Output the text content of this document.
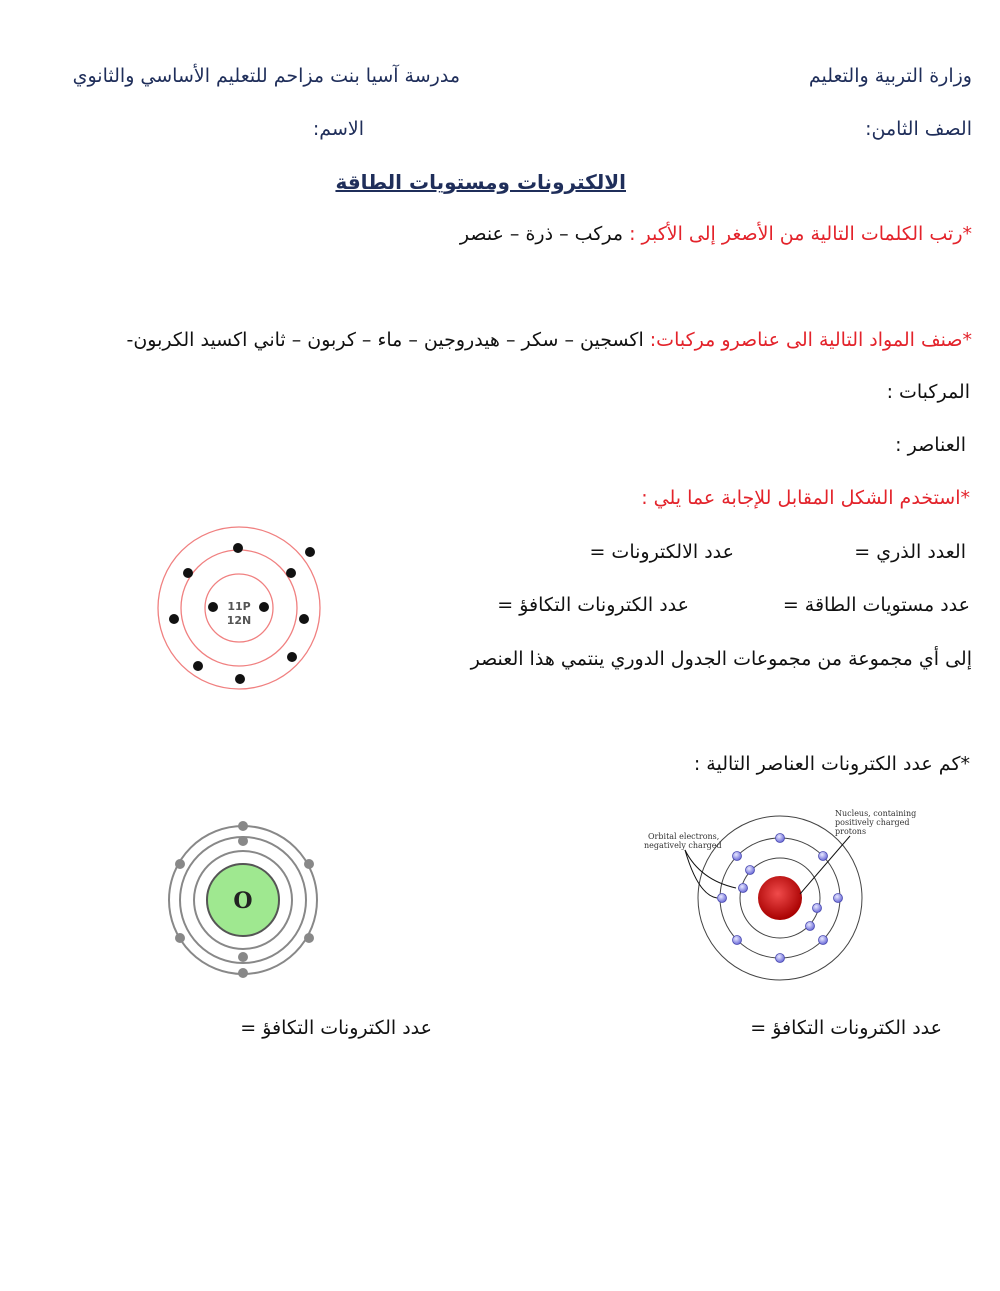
وزارة التربية والتعليم
مدرسة آسيا بنت مزاحم للتعليم الأساسي والثانوي
الصف الثامن:
الاسم:
الالكترونات ومستويات الطاقة
*رتب الكلمات التالية من الأصغر إلى الأكبر : مركب – ذرة – عنصر
*صنف المواد التالية الى عناصرو مركبات: اكسجين – سكر – هيدروجين – ماء – كربون – ثاني اكسيد الكربون-
المركبات :
العناصر :
*استخدم الشكل المقابل للإجابة عما يلي :
العدد الذري =
عدد الالكترونات =
عدد مستويات الطاقة =
عدد الكترونات التكافؤ =
إلى أي مجموعة من مجموعات الجدول الدوري ينتمي هذا العنصر
11P
12N
*كم عدد الكترونات العناصر التالية :
O
Nucleus, containing
positively charged
protons
Orbital electrons,
negatively charged
عدد الكترونات التكافؤ =	عدد الكترونات التكافؤ =
